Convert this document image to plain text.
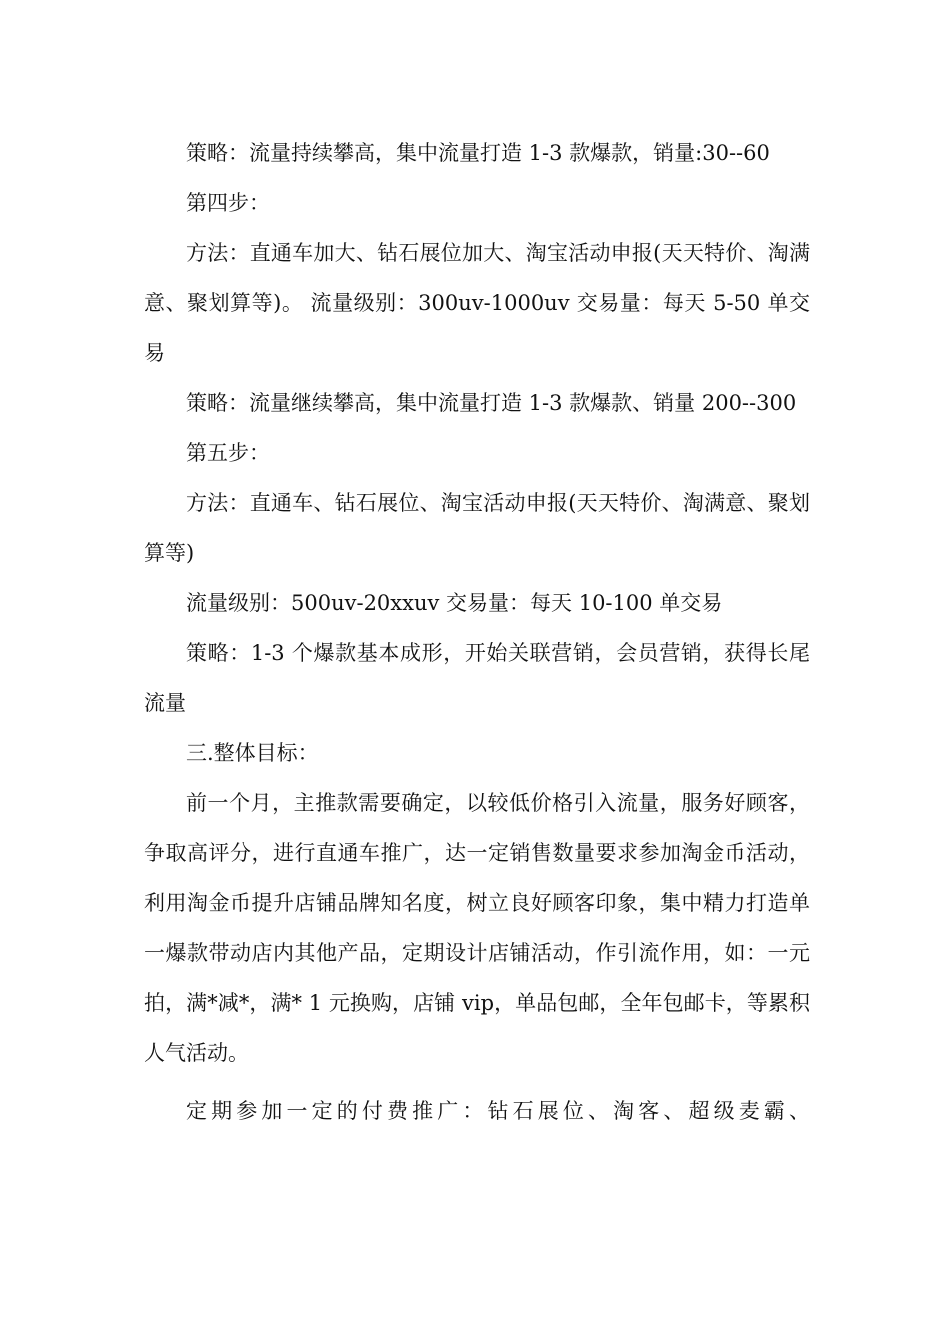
策略：流量持续攀高，集中流量打造 1-3 款爆款，销量:30--60

第四步：

方法：直通车加大、钻石展位加大、淘宝活动申报(天天特价、淘满意、聚划算等)。 流量级别：300uv-1000uv 交易量：每天 5-50 单交易

策略：流量继续攀高，集中流量打造 1-3 款爆款、销量 200--300

第五步：

方法：直通车、钻石展位、淘宝活动申报(天天特价、淘满意、聚划算等)

流量级别：500uv-20xxuv 交易量：每天 10-100 单交易

策略：1-3 个爆款基本成形，开始关联营销，会员营销，获得长尾流量

三.整体目标：

前一个月，主推款需要确定，以较低价格引入流量，服务好顾客，争取高评分，进行直通车推广，达一定销售数量要求参加淘金币活动，利用淘金币提升店铺品牌知名度，树立良好顾客印象，集中精力打造单一爆款带动店内其他产品，定期设计店铺活动，作引流作用，如：一元拍，满*减*，满* 1 元换购，店铺 vip，单品包邮，全年包邮卡，等累积人气活动。

定期参加一定的付费推广：钻石展位、淘客、超级麦霸、
